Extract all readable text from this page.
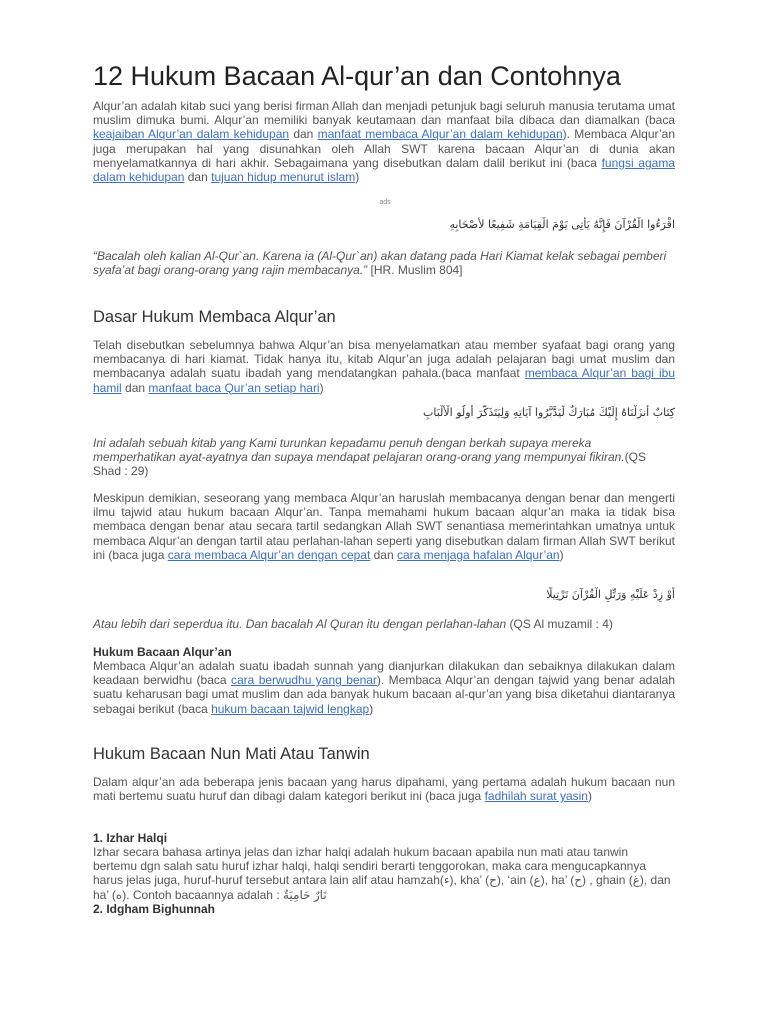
12 Hukum Bacaan Al-qur’an dan Contohnya
Alqur’an adalah kitab suci yang berisi firman Allah dan menjadi petunjuk bagi seluruh manusia terutama umat muslim dimuka bumi. Alqur’an memiliki banyak keutamaan dan manfaat bila dibaca dan diamalkan (baca keajaiban Alqur’an dalam kehidupan dan manfaat membaca Alqur’an dalam kehidupan). Membaca Alqur’an juga merupakan hal yang disunahkan oleh Allah SWT karena bacaan Alqur’an di dunia akan menyelamatkannya di hari akhir. Sebagaimana yang disebutkan dalam dalil berikut ini (baca fungsi agama dalam kehidupan dan tujuan hidup menurut islam)
ads
اقْرَءُوا الْقُرْآنَ فَإِنَّهُ يَأْتِى يَوْمَ الْقِيَامَةِ شَفِيعًا لأَصْحَابِهِ
“Bacalah oleh kalian Al-Qur`an. Karena ia (Al-Qur`an) akan datang pada Hari Kiamat kelak sebagai pemberi syafa’at bagi orang-orang yang rajin membacanya.” [HR. Muslim 804]
Dasar Hukum Membaca Alqur’an
Telah disebutkan sebelumnya bahwa Alqur’an bisa menyelamatkan atau member syafaat bagi orang yang membacanya di hari kiamat. Tidak hanya itu, kitab Alqur’an juga adalah pelajaran bagi umat muslim dan membacanya adalah suatu ibadah yang mendatangkan pahala.(baca manfaat membaca Alqur’an bagi ibu hamil dan manfaat baca Qur’an setiap hari)
كِتَابٌ أَنزَلْنَاهُ إِلَيْكَ مُبَارَكٌ لِّيَدَّبَّرُوا آيَاتِهِ وَلِيَتَذَكَّرَ أُولُو الْأَلْبَابِ
Ini adalah sebuah kitab yang Kami turunkan kepadamu penuh dengan berkah supaya mereka memperhatikan ayat-ayatnya dan supaya mendapat pelajaran orang-orang yang mempunyai fikiran.(QS Shad : 29)
Meskipun demikian, seseorang yang membaca Alqur’an haruslah membacanya dengan benar dan mengerti ilmu tajwid atau hukum bacaan Alqur’an. Tanpa memahami hukum bacaan alqur’an maka ia tidak bisa membaca dengan benar atau secara tartil sedangkan Allah SWT senantiasa memerintahkan umatnya untuk membaca Alqur’an dengan tartil atau perlahan-lahan seperti yang disebutkan dalam firman Allah SWT berikut ini (baca juga cara membaca Alqur’an dengan cepat dan cara menjaga hafalan Alqur’an)
أَوْ زِدْ عَلَيْهِ وَرَتِّلِ الْقُرْآنَ تَرْتِيلًا
Atau lebih dari seperdua itu. Dan bacalah Al Quran itu dengan perlahan-lahan (QS Al muzamil : 4)
Hukum Bacaan Alqur’an
Membaca Alqur’an adalah suatu ibadah sunnah yang dianjurkan dilakukan dan sebaiknya dilakukan dalam keadaan berwidhu (baca cara berwudhu yang benar). Membaca Alqur’an dengan tajwid yang benar adalah suatu keharusan bagi umat muslim dan ada banyak hukum bacaan al-qur’an yang bisa diketahui diantaranya sebagai berikut (baca hukum bacaan tajwid lengkap)
Hukum Bacaan Nun Mati Atau Tanwin
Dalam alqur’an ada beberapa jenis bacaan yang harus dipahami, yang pertama adalah hukum bacaan nun mati bertemu suatu huruf dan dibagi dalam kategori berikut ini (baca juga fadhilah surat yasin)
1. Izhar Halqi
Izhar secara bahasa artinya jelas dan izhar halqi adalah hukum bacaan apabila nun mati atau tanwin bertemu dgn salah satu huruf izhar halqi, halqi sendiri berarti tenggorokan, maka cara mengucapkannya harus jelas juga, huruf-huruf tersebut antara lain alif atau hamzah(ء), kha’ (ح), ‘ain (ع), ha’ (ح) , ghain (غ), dan ha’ (ه). Contoh bacaannya adalah : نَارٌ حَامِيَةٌ
2. Idgham Bighunnah
